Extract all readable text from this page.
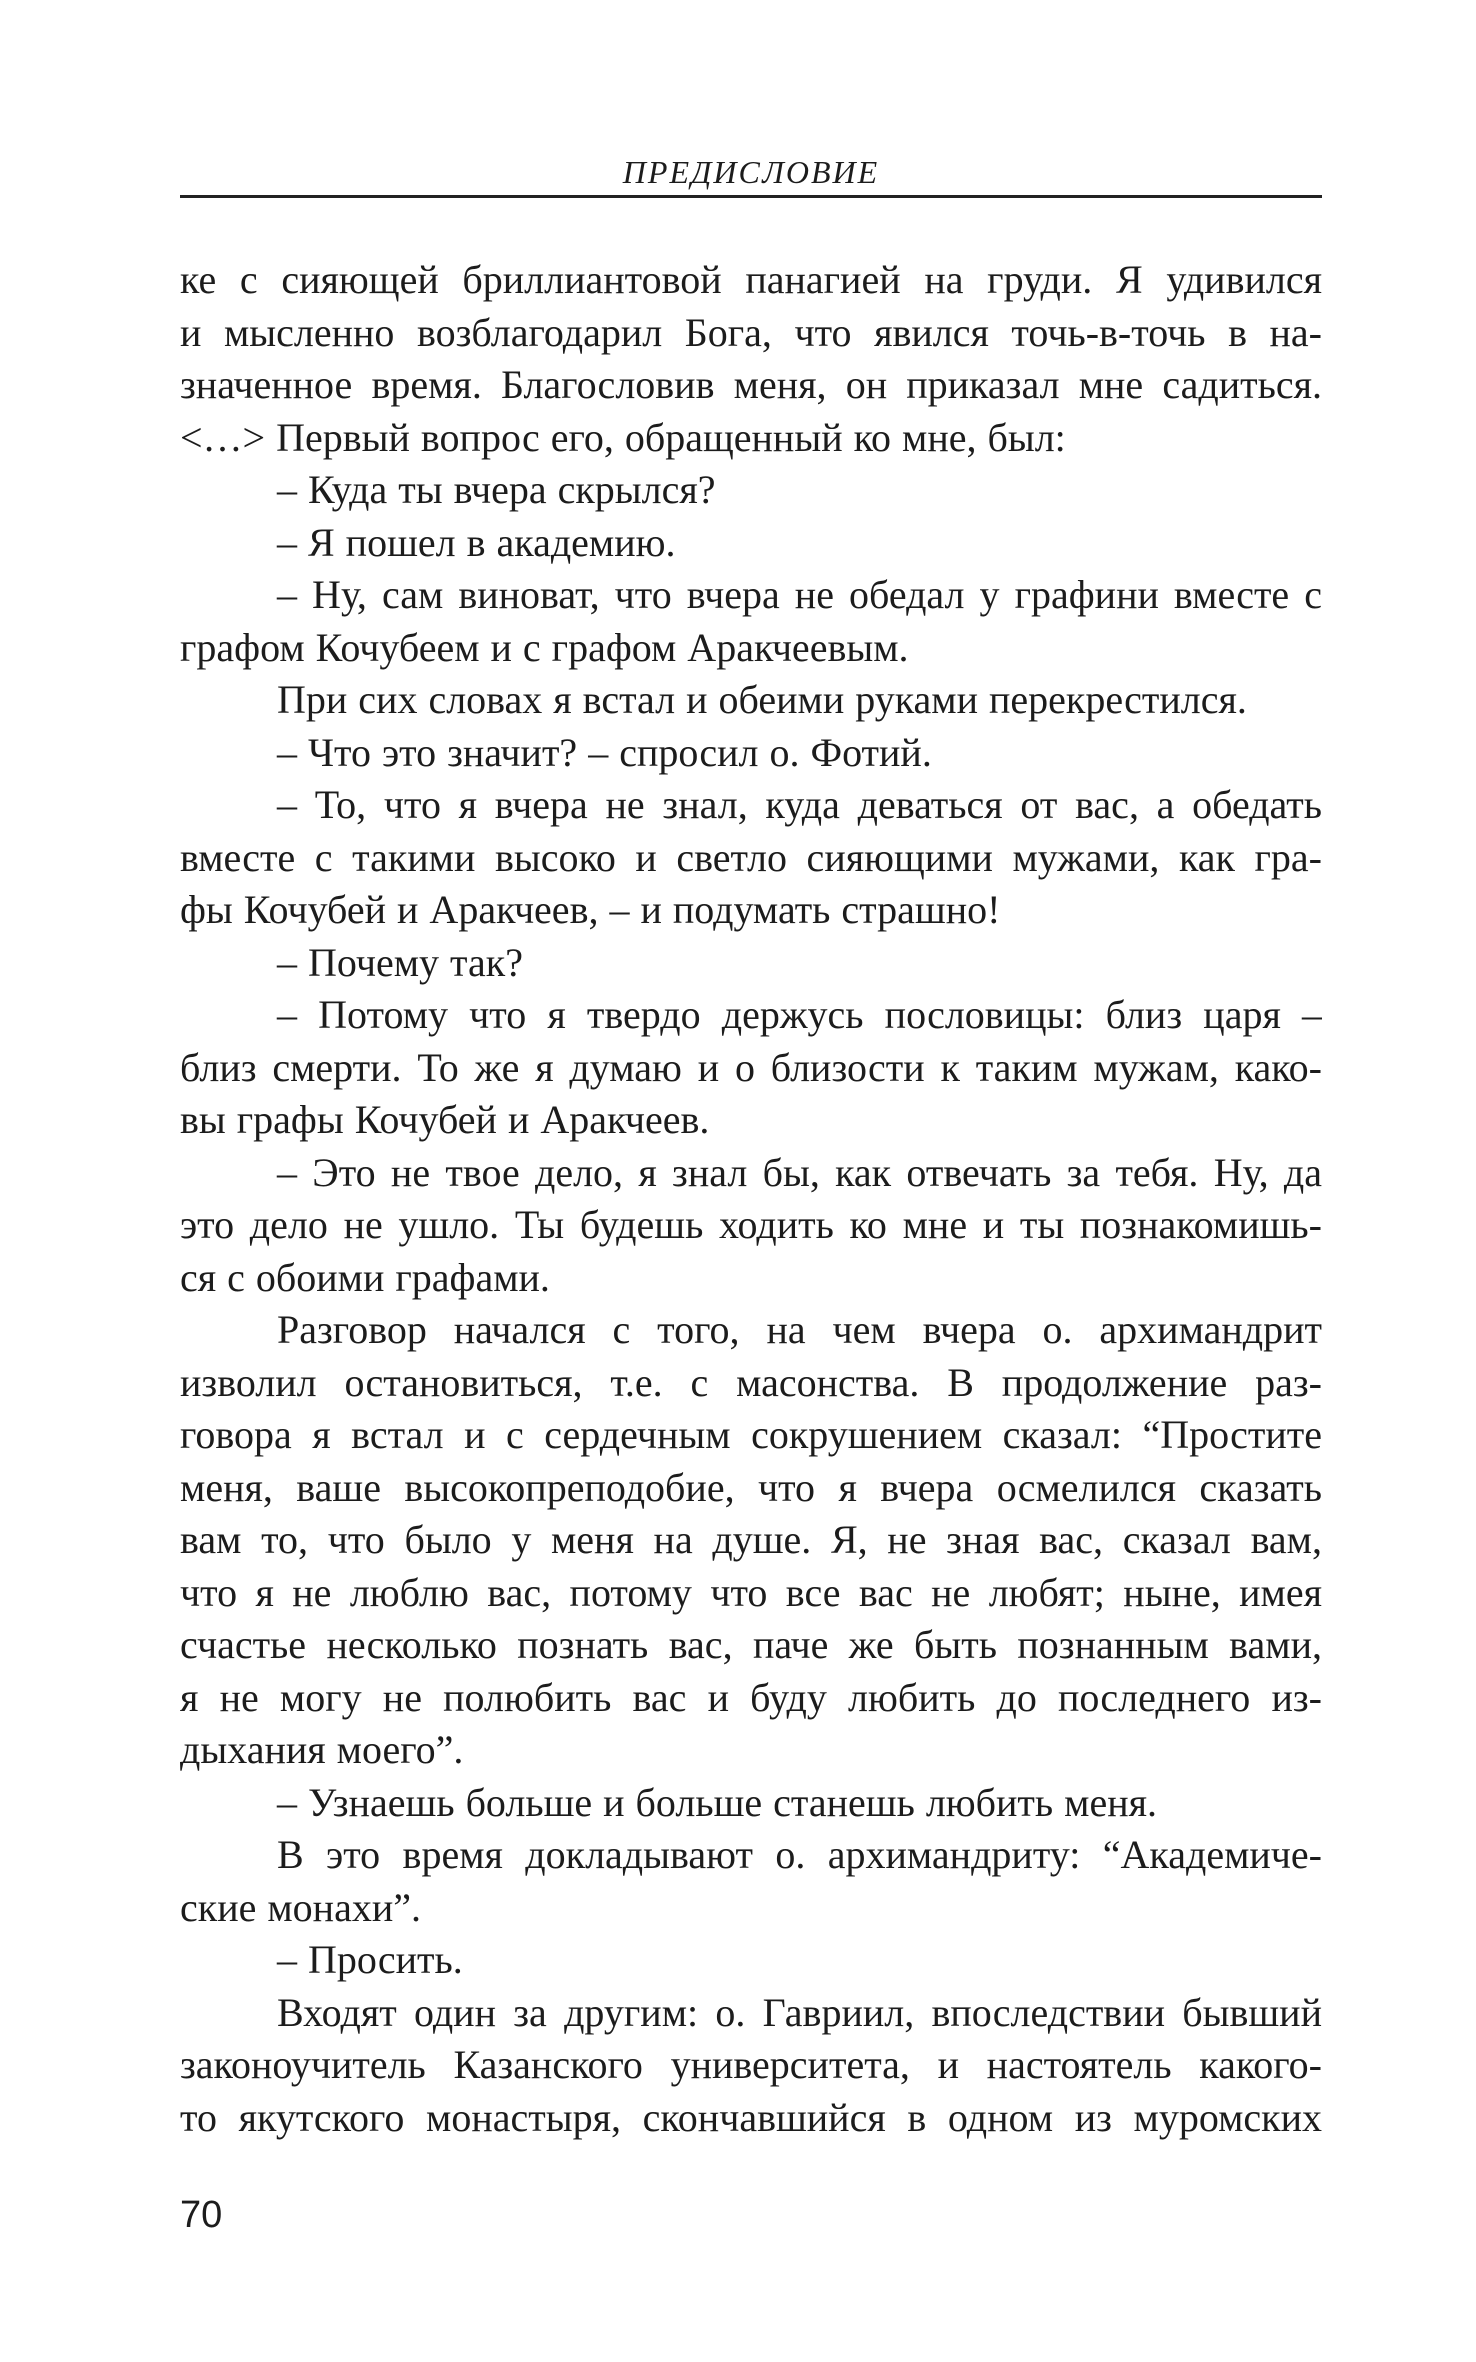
ПРЕДИСЛОВИЕ
ке с сияющей бриллиантовой панагией на груди. Я удивился
и мысленно возблагодарил Бога, что явился точь-в-точь в на-
значенное время. Благословив меня, он приказал мне садиться.
<…> Первый вопрос его, обращенный ко мне, был:
– Куда ты вчера скрылся?
– Я пошел в академию.
– Ну, сам виноват, что вчера не обедал у графини вместе с
графом Кочубеем и с графом Аракчеевым.
При сих словах я встал и обеими руками перекрестился.
– Что это значит? – спросил о. Фотий.
– То, что я вчера не знал, куда деваться от вас, а обедать
вместе с такими высоко и светло сияющими мужами, как гра-
фы Кочубей и Аракчеев, – и подумать страшно!
– Почему так?
– Потому что я твердо держусь пословицы: близ царя –
близ смерти. То же я думаю и о близости к таким мужам, како-
вы графы Кочубей и Аракчеев.
– Это не твое дело, я знал бы, как отвечать за тебя. Ну, да
это дело не ушло. Ты будешь ходить ко мне и ты познакомишь-
ся с обоими графами.
Разговор начался с того, на чем вчера о. архимандрит
изволил остановиться, т.е. с масонства. В продолжение раз-
говора я встал и с сердечным сокрушением сказал: “Простите
меня, ваше высокопреподобие, что я вчера осмелился сказать
вам то, что было у меня на душе. Я, не зная вас, сказал вам,
что я не люблю вас, потому что все вас не любят; ныне, имея
счастье несколько познать вас, паче же быть познанным вами,
я не могу не полюбить вас и буду любить до последнего из-
дыхания моего”.
– Узнаешь больше и больше станешь любить меня.
В это время докладывают о. архимандриту: “Академиче-
ские монахи”.
– Просить.
Входят один за другим: о. Гавриил, впоследствии бывший
законоучитель Казанского университета, и настоятель какого-
то якутского монастыря, скончавшийся в одном из муромских
70
